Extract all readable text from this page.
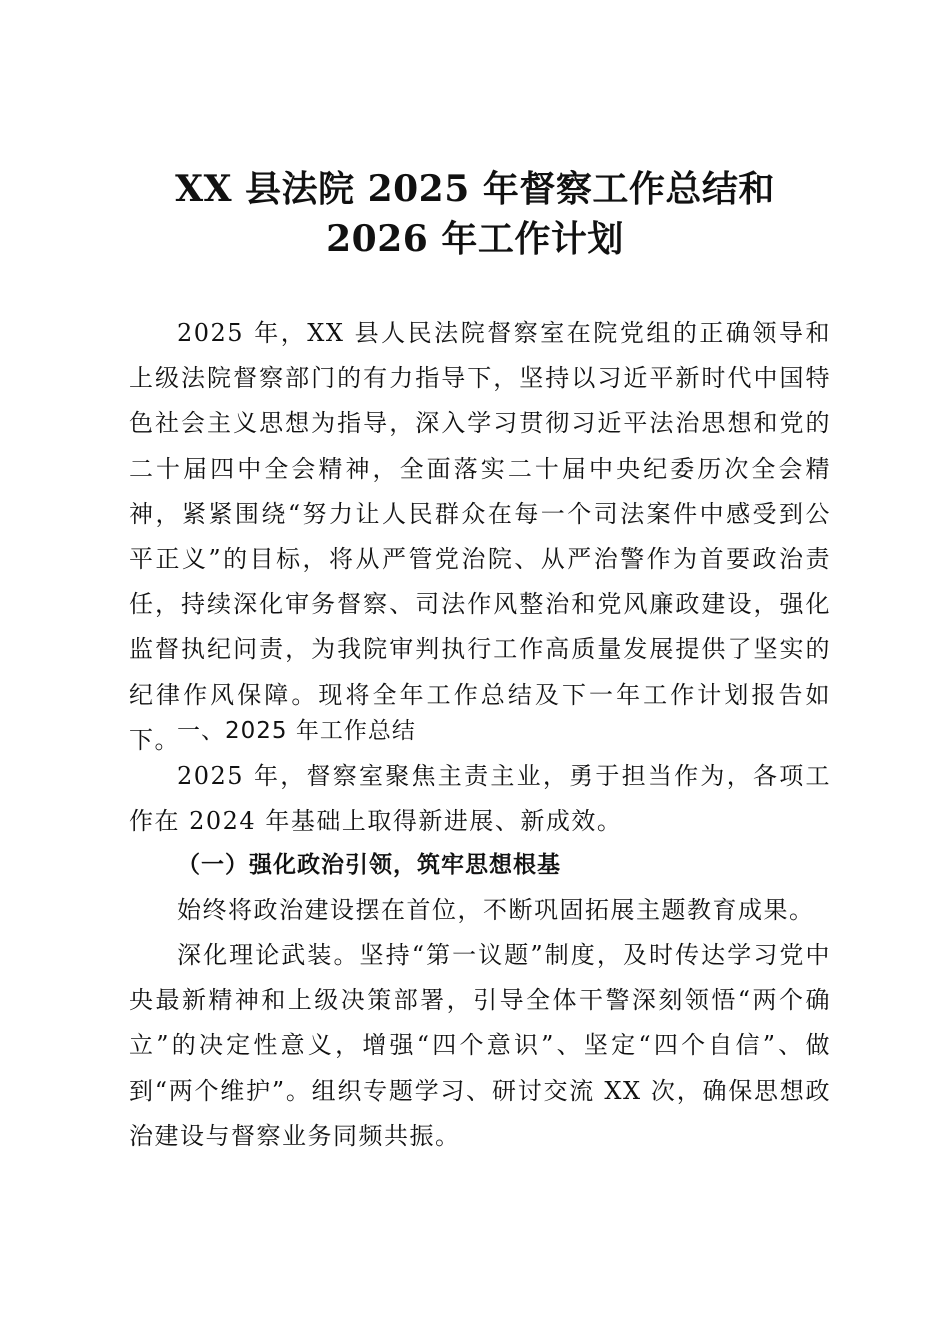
XX 县法院 2025 年督察工作总结和 2026 年工作计划

2025 年，XX 县人民法院督察室在院党组的正确领导和上级法院督察部门的有力指导下，坚持以习近平新时代中国特色社会主义思想为指导，深入学习贯彻习近平法治思想和党的二十届四中全会精神，全面落实二十届中央纪委历次全会精神，紧紧围绕“努力让人民群众在每一个司法案件中感受到公平正义”的目标，将从严管党治院、从严治警作为首要政治责任，持续深化审务督察、司法作风整治和党风廉政建设，强化监督执纪问责，为我院审判执行工作高质量发展提供了坚实的纪律作风保障。现将全年工作总结及下一年工作计划报告如下。

一、2025 年工作总结

2025 年，督察室聚焦主责主业，勇于担当作为，各项工作在 2024 年基础上取得新进展、新成效。

（一）强化政治引领，筑牢思想根基

始终将政治建设摆在首位，不断巩固拓展主题教育成果。

深化理论武装。坚持“第一议题”制度，及时传达学习党中央最新精神和上级决策部署，引导全体干警深刻领悟“两个确立”的决定性意义，增强“四个意识”、坚定“四个自信”、做到“两个维护”。组织专题学习、研讨交流 XX 次，确保思想政治建设与督察业务同频共振。
